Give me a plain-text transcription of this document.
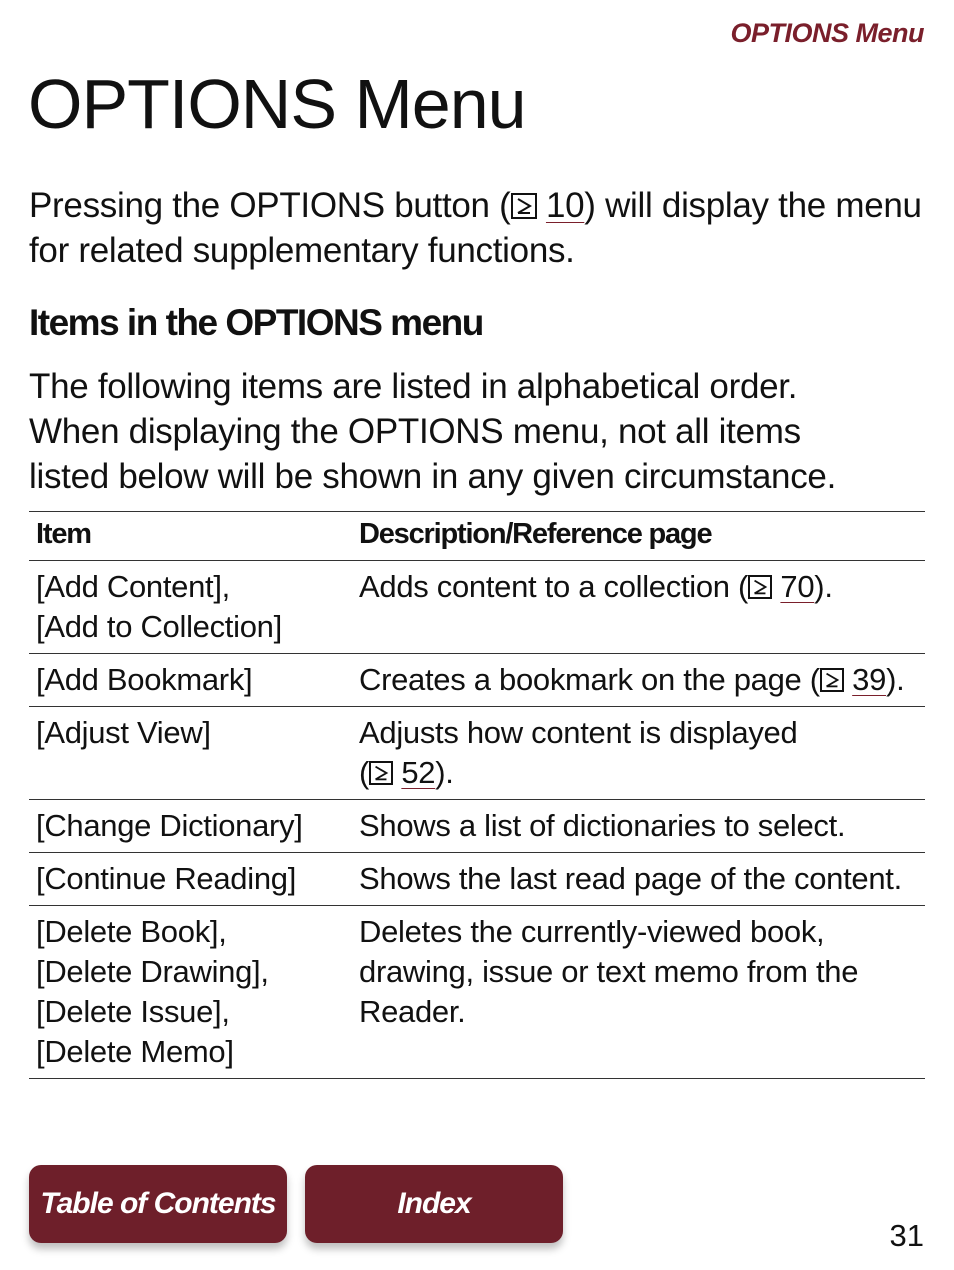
OPTIONS Menu
OPTIONS Menu

Pressing the OPTIONS button ( 10) will display the menu for related supplementary functions.

Items in the OPTIONS menu

The following items are listed in alphabetical order.
When displaying the OPTIONS menu, not all items
listed below will be shown in any given circumstance.

Item	Description/Reference page
[Add Content],
[Add to Collection]	Adds content to a collection ( 70).
[Add Bookmark]	Creates a bookmark on the page ( 39).
[Adjust View]	Adjusts how content is displayed
( 52).
[Change Dictionary]	Shows a list of dictionaries to select.
[Continue Reading]	Shows the last read page of the content.
[Delete Book],
[Delete Drawing],
[Delete Issue],
[Delete Memo]	Deletes the currently-viewed book,
drawing, issue or text memo from the
Reader.
Table of Contents	Index
31
